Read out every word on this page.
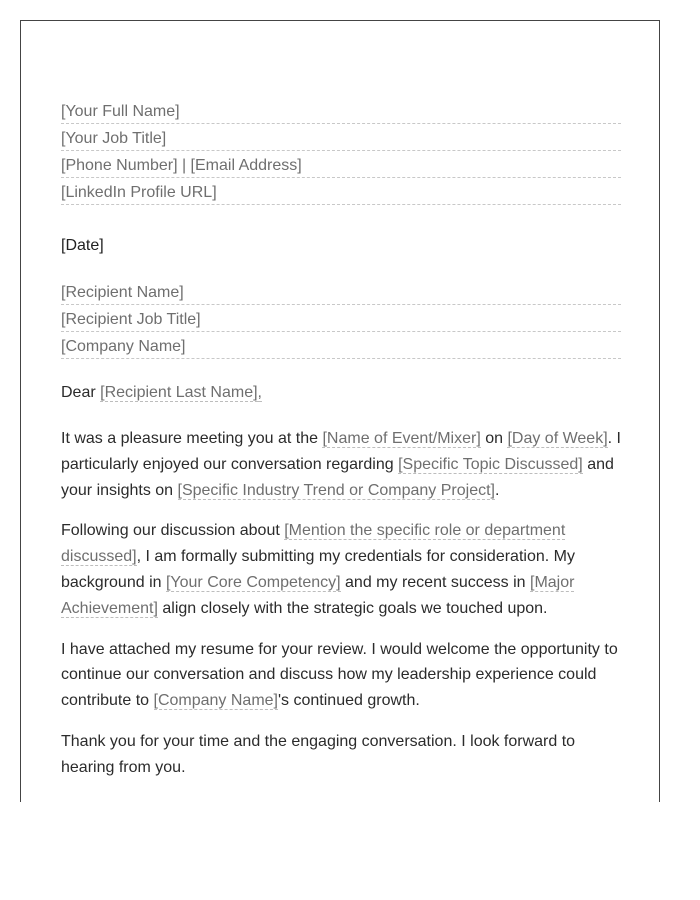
[Your Full Name]
[Your Job Title]
[Phone Number] | [Email Address]
[LinkedIn Profile URL]
[Date]
[Recipient Name]
[Recipient Job Title]
[Company Name]
Dear [Recipient Last Name],

It was a pleasure meeting you at the [Name of Event/Mixer] on [Day of Week]. I particularly enjoyed our conversation regarding [Specific Topic Discussed] and your insights on [Specific Industry Trend or Company Project].

Following our discussion about [Mention the specific role or department discussed], I am formally submitting my credentials for consideration. My background in [Your Core Competency] and my recent success in [Major Achievement] align closely with the strategic goals we touched upon.

I have attached my resume for your review. I would welcome the opportunity to continue our conversation and discuss how my leadership experience could contribute to [Company Name]'s continued growth.

Thank you for your time and the engaging conversation. I look forward to hearing from you.
